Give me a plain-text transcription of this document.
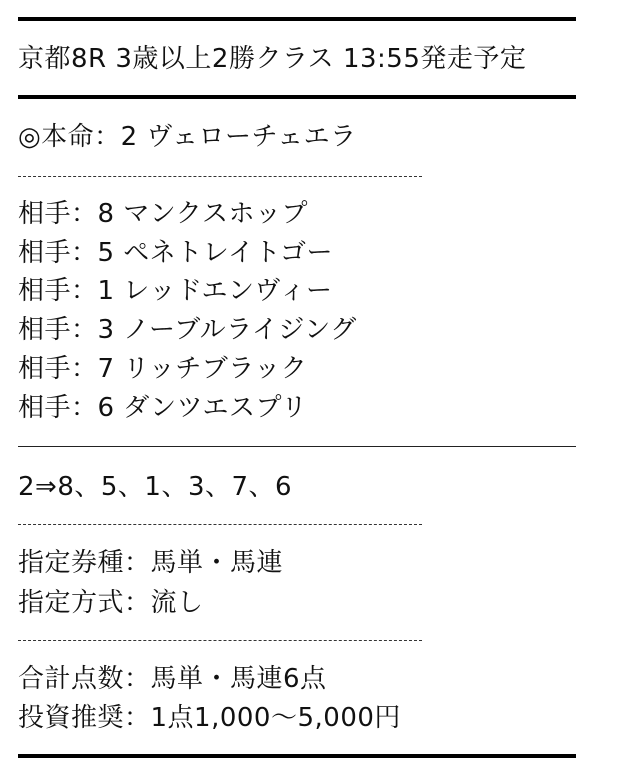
京都8R 3歳以上2勝クラス 13:55発走予定
◎本命：2 ヴェローチェエラ
相手：8 マンクスホップ
相手：5 ペネトレイトゴー
相手：1 レッドエンヴィー
相手：3 ノーブルライジング
相手：7 リッチブラック
相手：6 ダンツエスプリ
2⇒8、5、1、3、7、6
指定券種：馬単・馬連
指定方式：流し
合計点数：馬単・馬連6点
投資推奨：1点1,000〜5,000円
